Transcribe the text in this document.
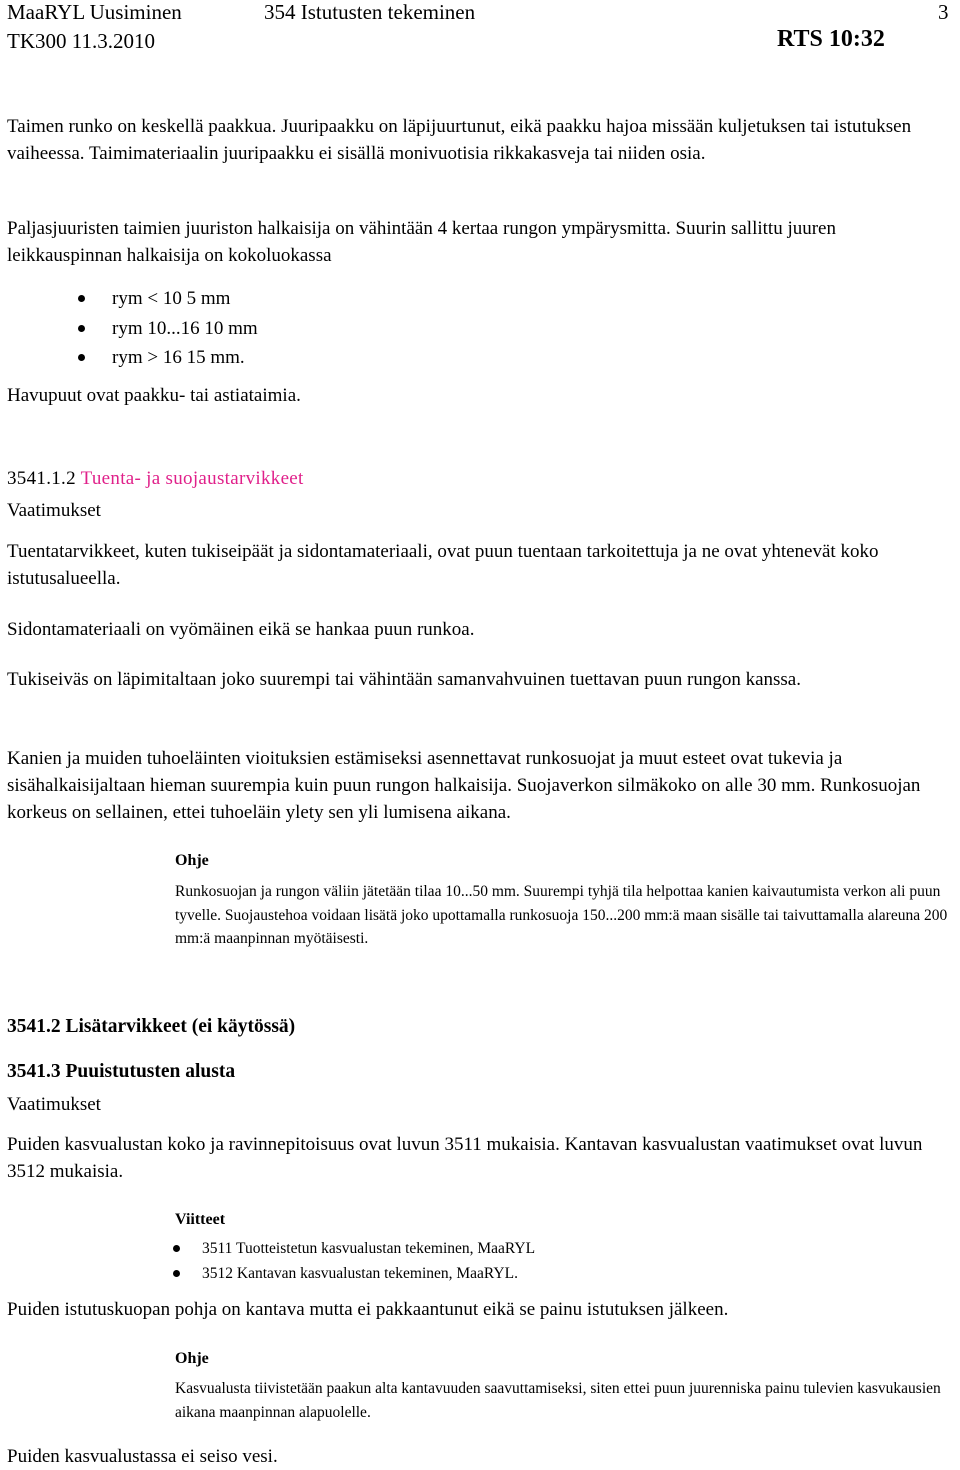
MaaRYL Uusiminen	354 Istutusten tekeminen	3
TK300 11.3.2010	RTS 10:32

Taimen runko on keskellä paakkua. Juuripaakku on läpijuurtunut, eikä paakku hajoa missään kuljetuksen tai istutuksen vaiheessa. Taimimateriaalin juuripaakku ei sisällä monivuotisia rikkakasveja tai niiden osia.

Paljasjuuristen taimien juuriston halkaisija on vähintään 4 kertaa rungon ympärysmitta. Suurin sallittu juuren leikkauspinnan halkaisija on kokoluokassa

rym < 10 5 mm
rym 10...16 10 mm
rym > 16 15 mm.

Havupuut ovat paakku- tai astiataimia.

3541.1.2 Tuenta- ja suojaustarvikkeet
Vaatimukset

Tuentatarvikkeet, kuten tukiseipäät ja sidontamateriaali, ovat puun tuentaan tarkoitettuja ja ne ovat yhtenevät koko istutusalueella.

Sidontamateriaali on vyömäinen eikä se hankaa puun runkoa.

Tukiseiväs on läpimitaltaan joko suurempi tai vähintään samanvahvuinen tuettavan puun rungon kanssa.

Kanien ja muiden tuhoeläinten vioituksien estämiseksi asennettavat runkosuojat ja muut esteet ovat tukevia ja sisähalkaisijaltaan hieman suurempia kuin puun rungon halkaisija. Suojaverkon silmäkoko on alle 30 mm. Runkosuojan korkeus on sellainen, ettei tuhoeläin ylety sen yli lumisena aikana.

Ohje

Runkosuojan ja rungon väliin jätetään tilaa 10...50 mm. Suurempi tyhjä tila helpottaa kanien kaivautumista verkon ali puun tyvelle. Suojaustehoa voidaan lisätä joko upottamalla runkosuoja 150...200 mm:ä maan sisälle tai taivuttamalla alareuna 200 mm:ä maanpinnan myötäisesti.

3541.2 Lisätarvikkeet (ei käytössä)
3541.3 Puuistutusten alusta
Vaatimukset

Puiden kasvualustan koko ja ravinnepitoisuus ovat luvun 3511 mukaisia. Kantavan kasvualustan vaatimukset ovat luvun 3512 mukaisia.

Viitteet
3511 Tuotteistetun kasvualustan tekeminen, MaaRYL
3512 Kantavan kasvualustan tekeminen, MaaRYL.

Puiden istutuskuopan pohja on kantava mutta ei pakkaantunut eikä se painu istutuksen jälkeen.

Ohje

Kasvualusta tiivistetään paakun alta kantavuuden saavuttamiseksi, siten ettei puun juurenniska painu tulevien kasvukausien aikana maanpinnan alapuolelle.

Puiden kasvualustassa ei seiso vesi.
